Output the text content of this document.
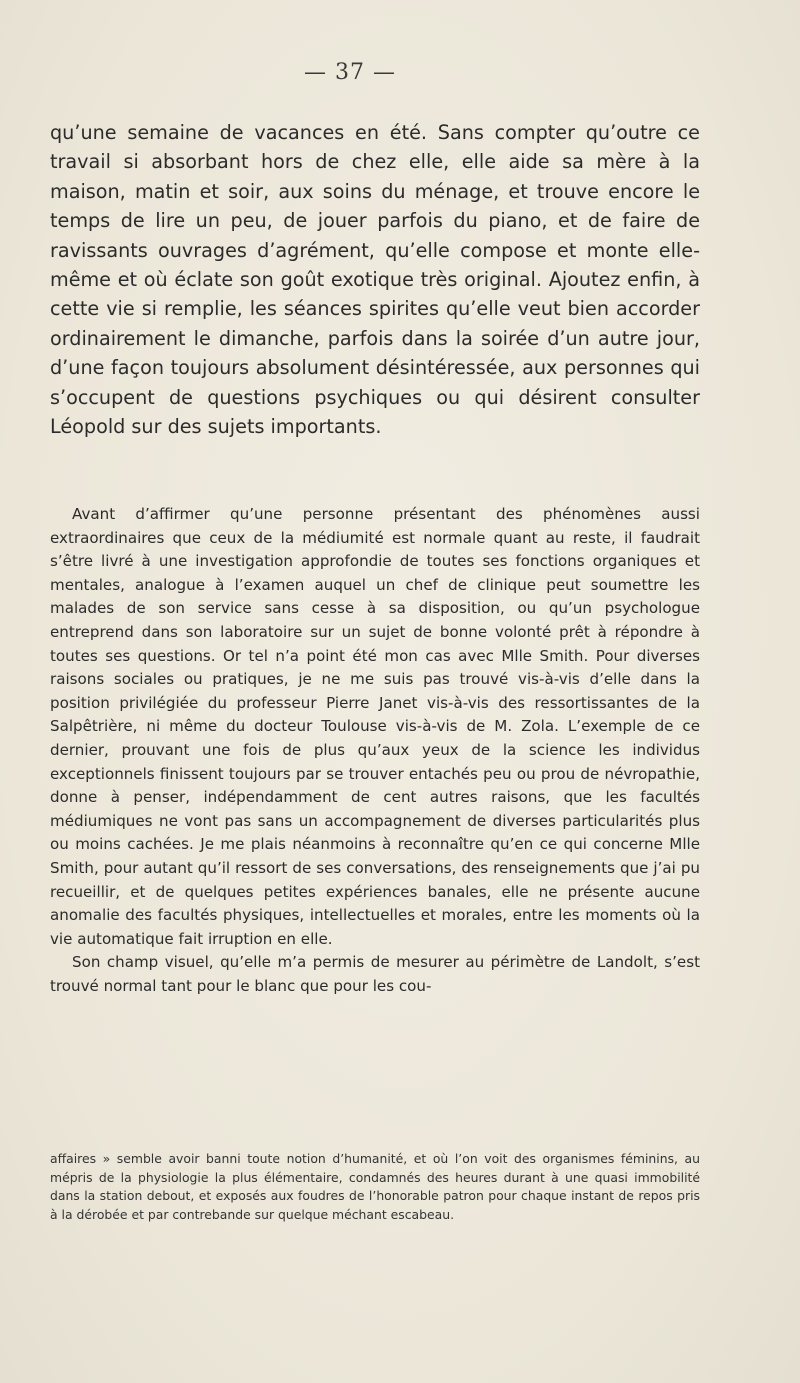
— 37 —

qu’une semaine de vacances en été. Sans compter qu’outre ce travail si absorbant hors de chez elle, elle aide sa mère à la maison, matin et soir, aux soins du ménage, et trouve encore le temps de lire un peu, de jouer parfois du piano, et de faire de ravissants ouvrages d’agrément, qu’elle compose et monte elle-même et où éclate son goût exotique très original. Ajoutez enfin, à cette vie si remplie, les séances spirites qu’elle veut bien accorder ordinairement le dimanche, parfois dans la soirée d’un autre jour, d’une façon toujours absolument désintéressée, aux personnes qui s’occupent de questions psychiques ou qui désirent consulter Léopold sur des sujets importants.

Avant d’affirmer qu’une personne présentant des phénomènes aussi extraordinaires que ceux de la médiumité est normale quant au reste, il faudrait s’être livré à une investigation approfondie de toutes ses fonctions organiques et mentales, analogue à l’examen auquel un chef de clinique peut soumettre les malades de son service sans cesse à sa disposition, ou qu’un psychologue entreprend dans son laboratoire sur un sujet de bonne volonté prêt à répondre à toutes ses questions. Or tel n’a point été mon cas avec Mlle Smith. Pour diverses raisons sociales ou pratiques, je ne me suis pas trouvé vis-à-vis d’elle dans la position privilégiée du professeur Pierre Janet vis-à-vis des ressortissantes de la Salpêtrière, ni même du docteur Toulouse vis-à-vis de M. Zola. L’exemple de ce dernier, prouvant une fois de plus qu’aux yeux de la science les individus exceptionnels finissent toujours par se trouver entachés peu ou prou de névropathie, donne à penser, indépendamment de cent autres raisons, que les facultés médiumiques ne vont pas sans un accompagnement de diverses particularités plus ou moins cachées. Je me plais néanmoins à reconnaître qu’en ce qui concerne Mlle Smith, pour autant qu’il ressort de ses conversations, des renseignements que j’ai pu recueillir, et de quelques petites expériences banales, elle ne présente aucune anomalie des facultés physiques, intellectuelles et morales, entre les moments où la vie automatique fait irruption en elle.

Son champ visuel, qu’elle m’a permis de mesurer au périmètre de Landolt, s’est trouvé normal tant pour le blanc que pour les cou-

affaires » semble avoir banni toute notion d’humanité, et où l’on voit des organismes féminins, au mépris de la physiologie la plus élémentaire, condamnés des heures durant à une quasi immobilité dans la station debout, et exposés aux foudres de l’honorable patron pour chaque instant de repos pris à la dérobée et par contrebande sur quelque méchant escabeau.
